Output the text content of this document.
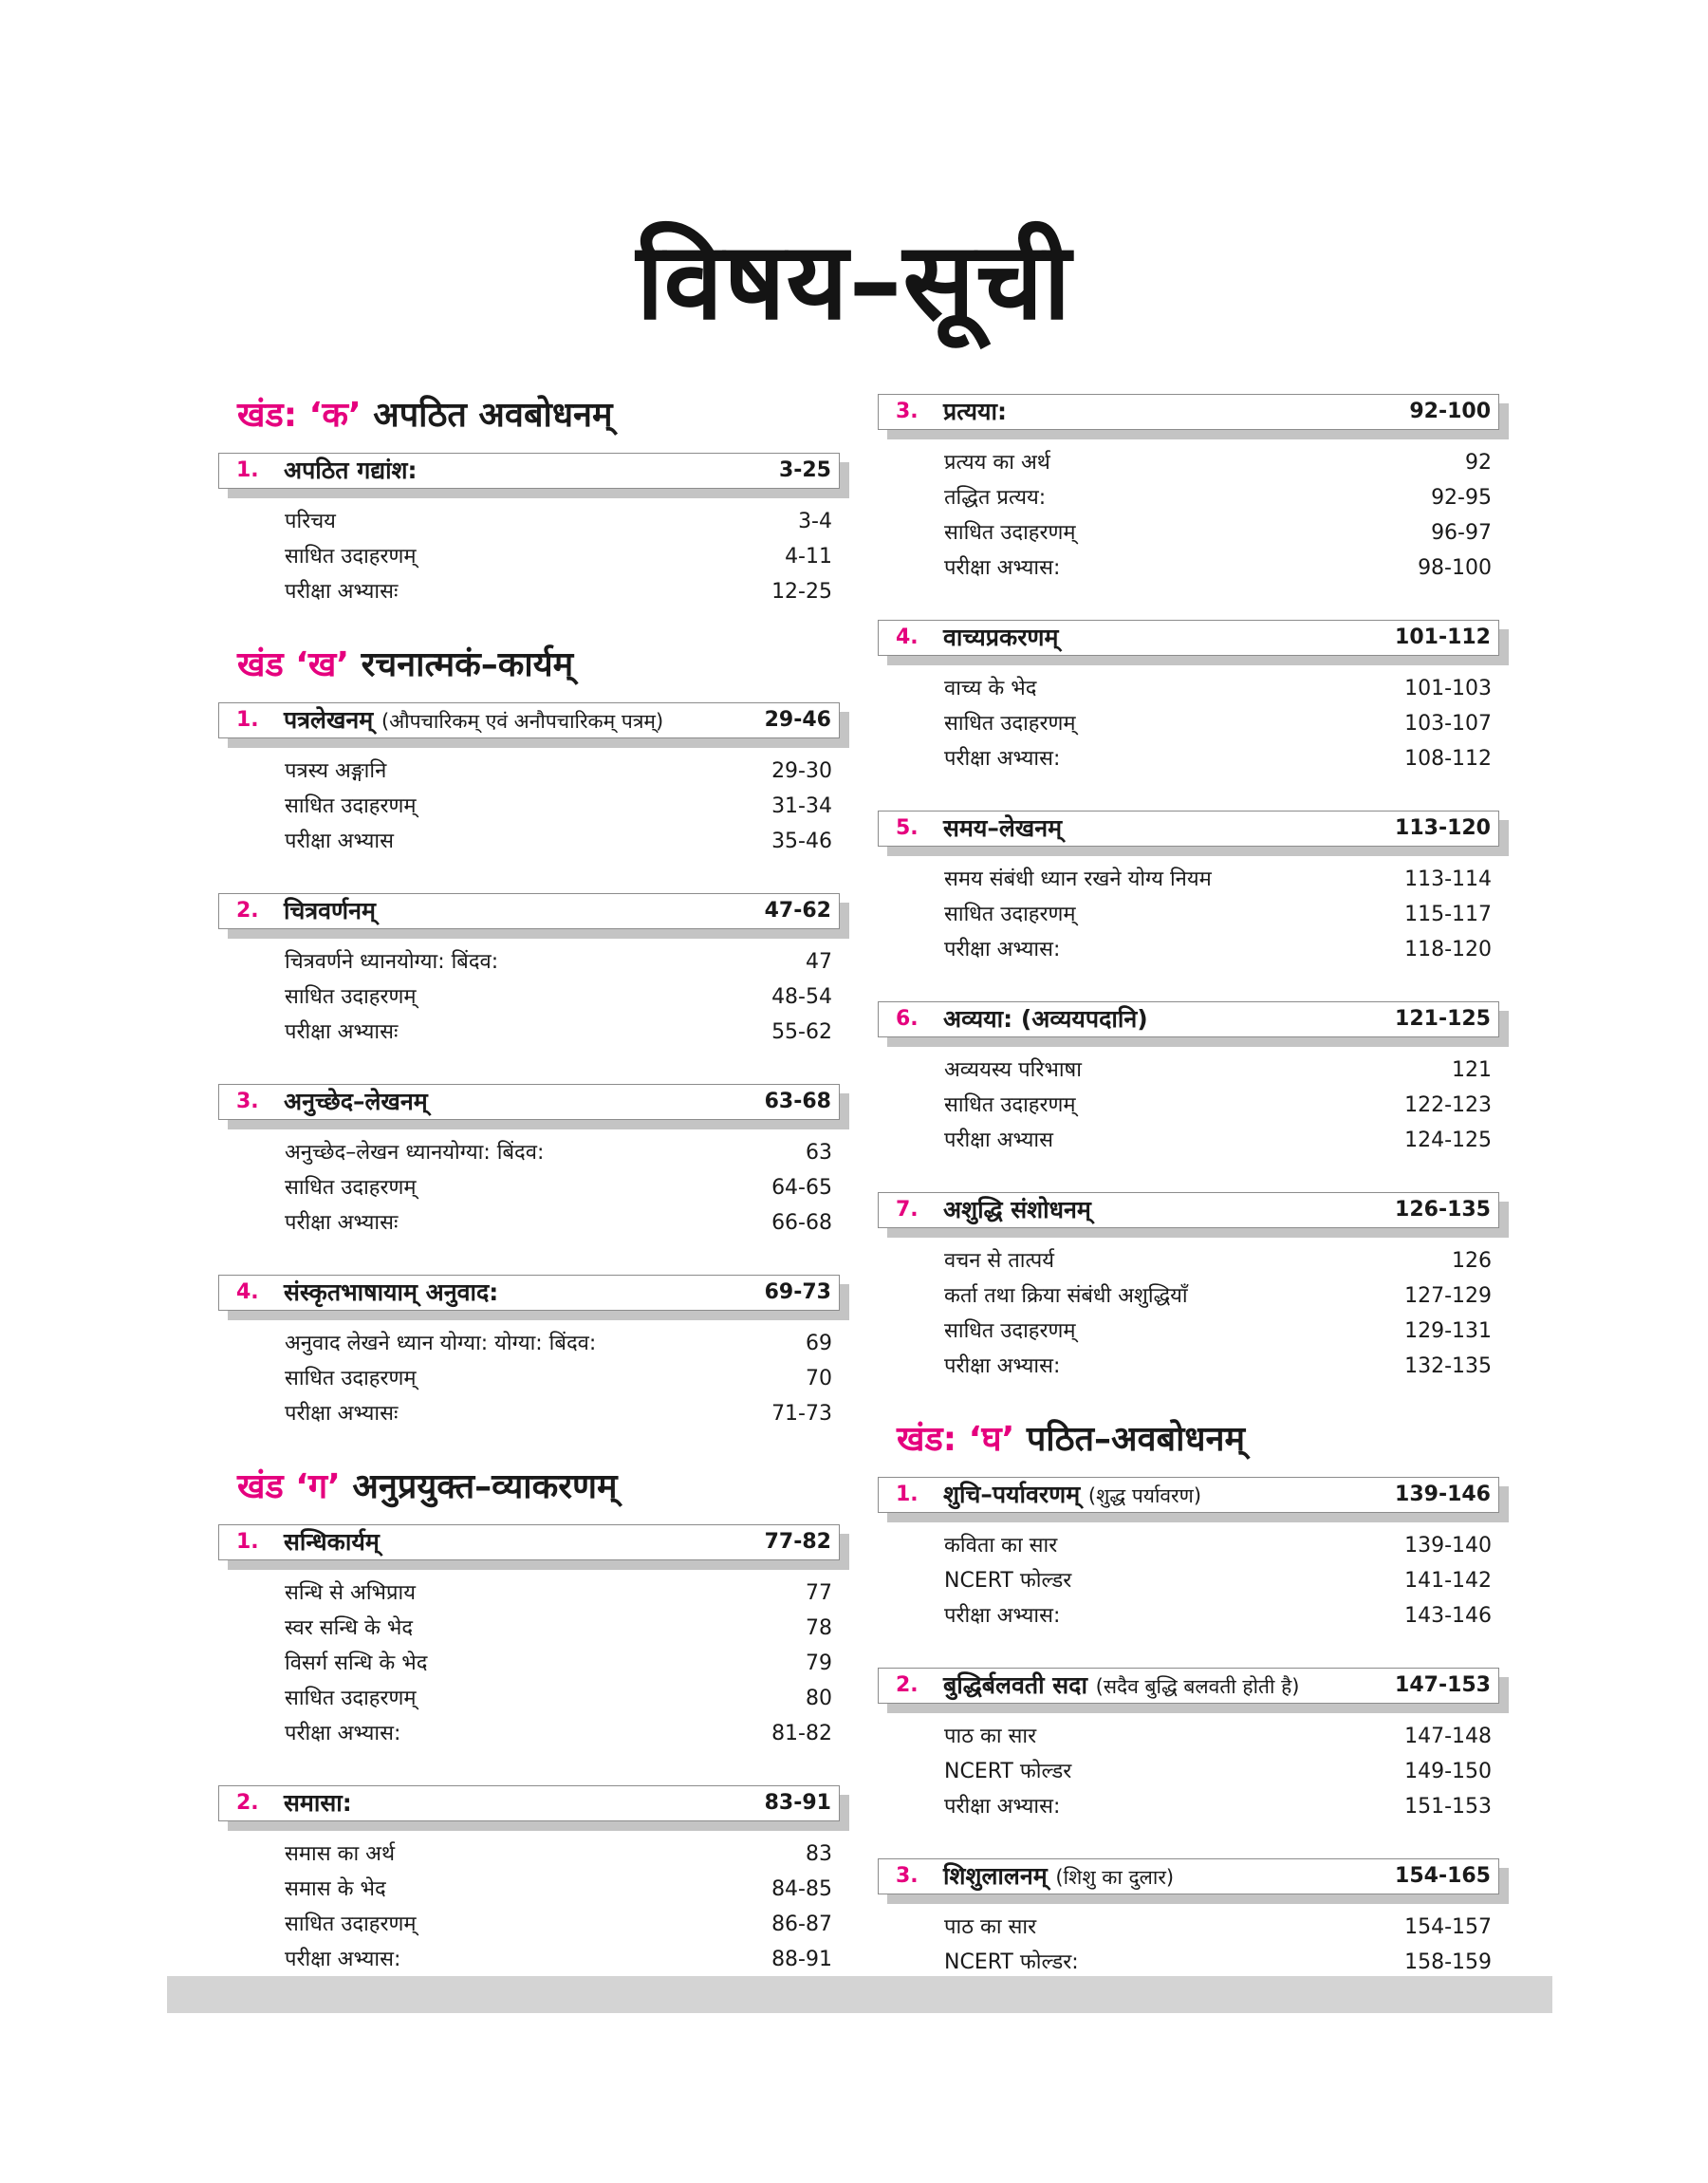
विषय–सूची
खंड: ‘क’ अपठित अवबोधनम्
1. अपठित गद्यांश:	3-25
परिचय	3-4
साधित उदाहरणम्	4-11
परीक्षा अभ्यासः	12-25
खंड ‘ख’ रचनात्मकं–कार्यम्
1. पत्रलेखनम् (औपचारिकम् एवं अनौपचारिकम् पत्रम्)	29-46
पत्रस्य अङ्गानि	29-30
साधित उदाहरणम्	31-34
परीक्षा अभ्यास	35-46
2. चित्रवर्णनम्	47-62
चित्रवर्णने ध्यानयोग्या: बिंदव:	47
साधित उदाहरणम्	48-54
परीक्षा अभ्यासः	55-62
3. अनुच्छेद–लेखनम्	63-68
अनुच्छेद–लेखन ध्यानयोग्या: बिंदव:	63
साधित उदाहरणम्	64-65
परीक्षा अभ्यासः	66-68
4. संस्कृतभाषायाम् अनुवाद:	69-73
अनुवाद लेखने ध्यान योग्या: योग्या: बिंदव:	69
साधित उदाहरणम्	70
परीक्षा अभ्यासः	71-73
खंड ‘ग’ अनुप्रयुक्त–व्याकरणम्
1. सन्धिकार्यम्	77-82
सन्धि से अभिप्राय	77
स्वर सन्धि के भेद	78
विसर्ग सन्धि के भेद	79
साधित उदाहरणम्	80
परीक्षा अभ्यास:	81-82
2. समासा:	83-91
समास का अर्थ	83
समास के भेद	84-85
साधित उदाहरणम्	86-87
परीक्षा अभ्यास:	88-91
3. प्रत्यया:	92-100
प्रत्यय का अर्थ	92
तद्धित प्रत्यय:	92-95
साधित उदाहरणम्	96-97
परीक्षा अभ्यास:	98-100
4. वाच्यप्रकरणम्	101-112
वाच्य के भेद	101-103
साधित उदाहरणम्	103-107
परीक्षा अभ्यास:	108-112
5. समय–लेखनम्	113-120
समय संबंधी ध्यान रखने योग्य नियम	113-114
साधित उदाहरणम्	115-117
परीक्षा अभ्यास:	118-120
6. अव्यया: (अव्ययपदानि)	121-125
अव्ययस्य परिभाषा	121
साधित उदाहरणम्	122-123
परीक्षा अभ्यास	124-125
7. अशुद्धि संशोधनम्	126-135
वचन से तात्पर्य	126
कर्ता तथा क्रिया संबंधी अशुद्धियाँ	127-129
साधित उदाहरणम्	129-131
परीक्षा अभ्यास:	132-135
खंड: ‘घ’ पठित–अवबोधनम्
1. शुचि–पर्यावरणम् (शुद्ध पर्यावरण)	139-146
कविता का सार	139-140
NCERT फोल्डर	141-142
परीक्षा अभ्यास:	143-146
2. बुद्धिर्बलवती सदा (सदैव बुद्धि बलवती होती है)	147-153
पाठ का सार	147-148
NCERT फोल्डर	149-150
परीक्षा अभ्यास:	151-153
3. शिशुलालनम् (शिशु का दुलार)	154-165
पाठ का सार	154-157
NCERT फोल्डर:	158-159
